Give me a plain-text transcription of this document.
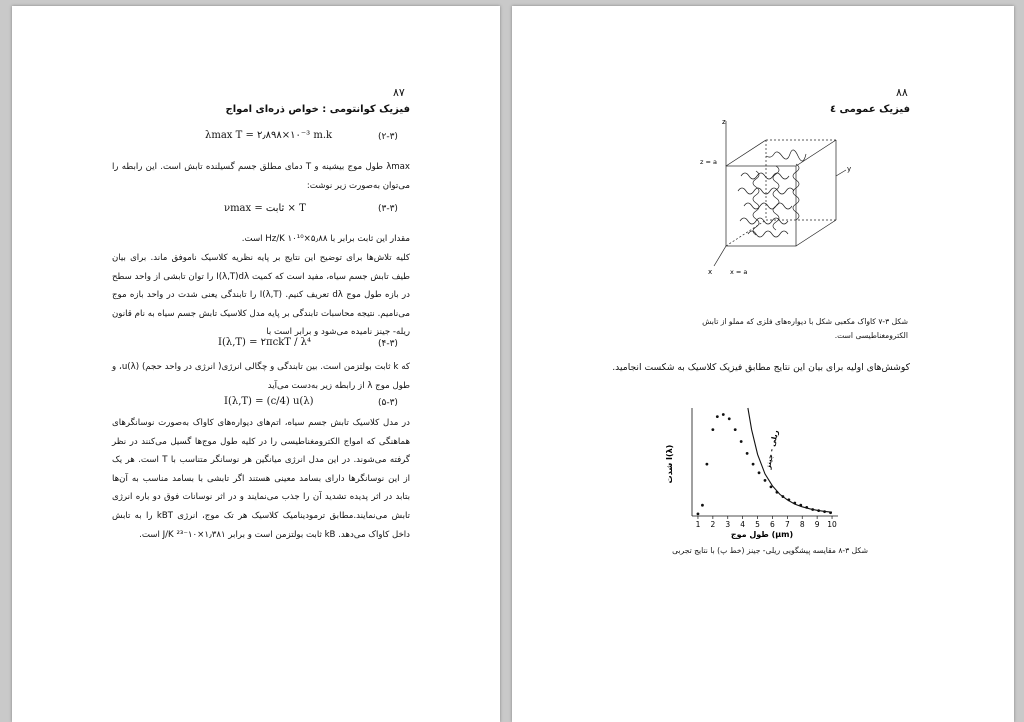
۸۷
فیزیک کوانتومی : خواص ذره‌ای امواج
λmax T = ۲٫۸۹۸×۱۰⁻³ m.k	(۲-۳)
λmax طول موج بیشینه و T دمای مطلق جسم گسیلنده تابش است. این رابطه را می‌توان به‌صورت زیر نوشت:
νmax = ثابت × T	(۳-۳)
مقدار این ثابت برابر با ۵٫۸۸×۱۰¹⁰ Hz/K است.
کلیه تلاش‌ها برای توضیح این نتایج بر پایه نظریه کلاسیک ناموفق ماند. برای بیان طیف تابش جسم سیاه، مفید است که کمیت I(λ,T)dλ را توان تابشی از واحد سطح در بازه طول موج dλ تعریف کنیم. I(λ,T) را تابندگی یعنی شدت در واحد بازه موج می‌نامیم. نتیجه محاسبات تابندگی بر پایه مدل کلاسیک تابش جسم سیاه به نام قانون ریله- جینز نامیده می‌شود و برابر است با
I(λ,T) = ۲πckT / λ⁴	(۴-۳)
که k ثابت بولتزمن است. بین تابندگی و چگالی انرژی( انرژی در واحد حجم) u(λ)، و طول موج λ از رابطه زیر به‌دست می‌آید
I(λ,T) = (c/4) u(λ)	(۵-۳)
در مدل کلاسیک تابش جسم سیاه، اتم‌های دیواره‌های کاواک به‌صورت نوسانگرهای هماهنگی که امواج الکترومغناطیسی را در کلیه طول موج‌ها گسیل می‌کنند در نظر گرفته می‌شوند. در این مدل انرژی میانگین هر نوسانگر متناسب با T است. هر یک از این نوسانگرها دارای بسامد معینی هستند اگر تابشی با بسامد مناسب به آن‌ها بتابد در اثر پدیده تشدید آن را جذب می‌نمایند و در اثر نوسانات فوق دو باره انرژی تابش می‌نمایند.مطابق ترمودینامیک کلاسیک هر تک موج، انرژی kBT را به تابش داخل کاواک می‌دهد. kB ثابت بولتزمن است و برابر ۱٫۳۸۱×۱۰⁻²³ J/K است.
۸۸
فیزیک عمومی ٤
z
y
x
z = a
x = a
شکل ۳-۷ کاواک مکعبی شکل با دیواره‌های فلزی که مملو از تابش الکترومغناطیسی است.
کوشش‌های اولیه برای بیان این نتایج مطابق فیزیک کلاسیک به شکست انجامید.
1 2 3 4 5 6 7 8 9 10
شدت I(λ)
طول موج (μm)
ریلی - جینز
شکل ۳-۸ مقایسه پیشگویی ریلی- جینز (خط پ) با نتایج تجربی
